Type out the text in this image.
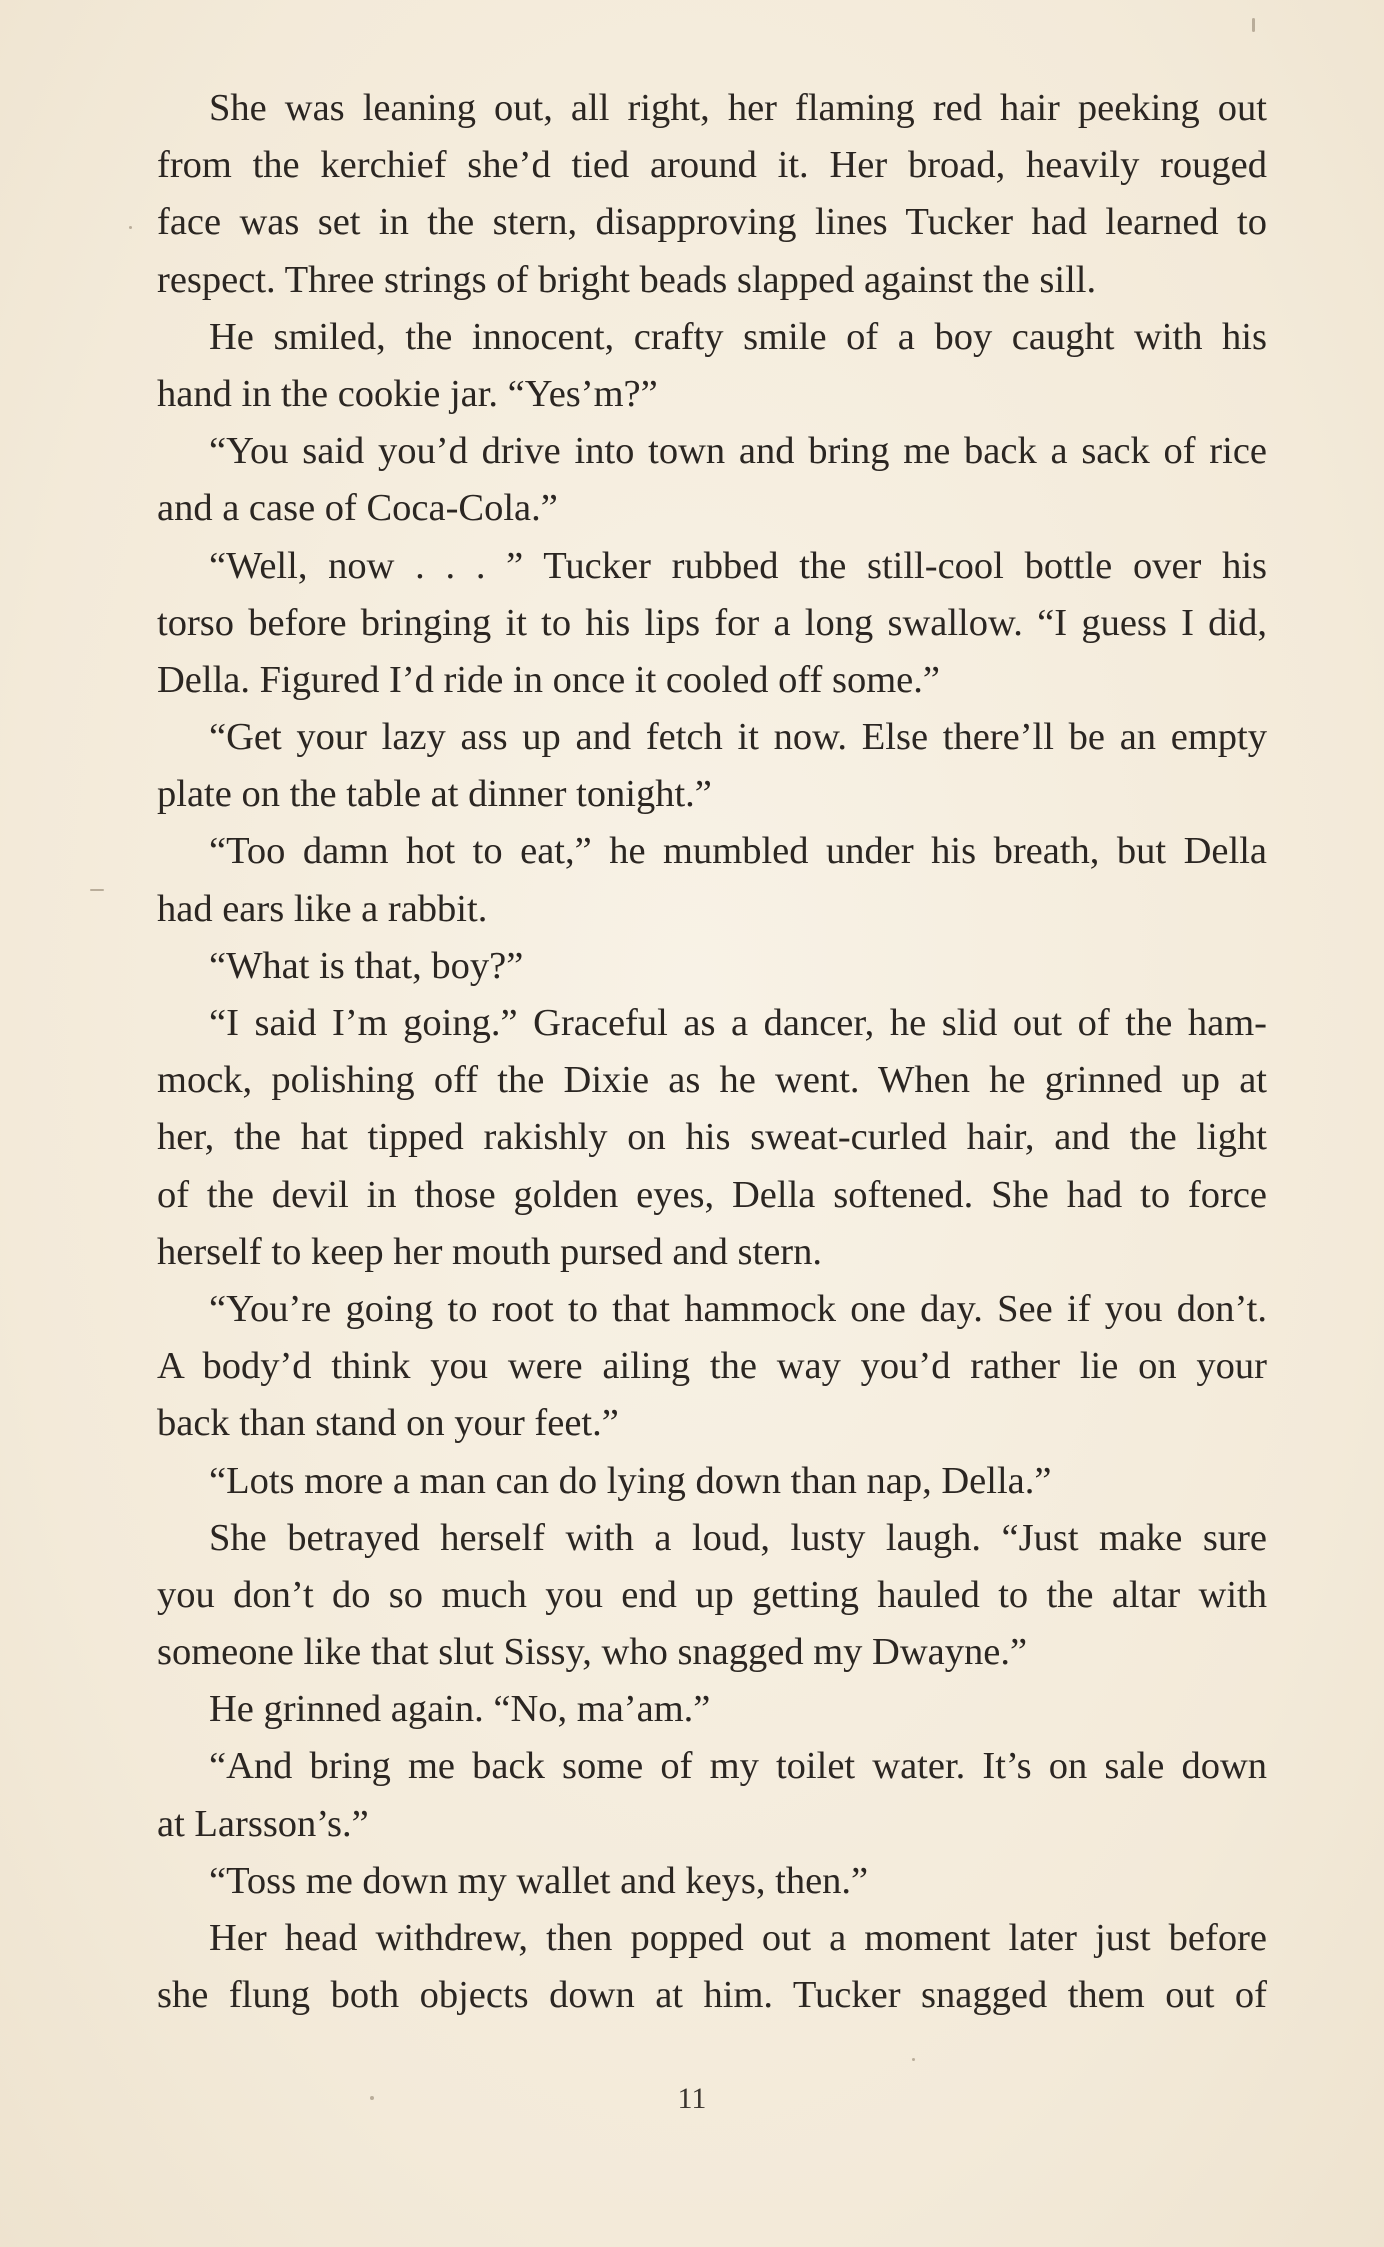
She was leaning out, all right, her flaming red hair peeking out
from the kerchief she’d tied around it. Her broad, heavily rouged
face was set in the stern, disapproving lines Tucker had learned to
respect. Three strings of bright beads slapped against the sill.
He smiled, the innocent, crafty smile of a boy caught with his
hand in the cookie jar. “Yes’m?”
“You said you’d drive into town and bring me back a sack of rice
and a case of Coca-Cola.”
“Well, now . . . ” Tucker rubbed the still-cool bottle over his
torso before bringing it to his lips for a long swallow. “I guess I did,
Della. Figured I’d ride in once it cooled off some.”
“Get your lazy ass up and fetch it now. Else there’ll be an empty
plate on the table at dinner tonight.”
“Too damn hot to eat,” he mumbled under his breath, but Della
had ears like a rabbit.
“What is that, boy?”
“I said I’m going.” Graceful as a dancer, he slid out of the ham-
mock, polishing off the Dixie as he went. When he grinned up at
her, the hat tipped rakishly on his sweat-curled hair, and the light
of the devil in those golden eyes, Della softened. She had to force
herself to keep her mouth pursed and stern.
“You’re going to root to that hammock one day. See if you don’t.
A body’d think you were ailing the way you’d rather lie on your
back than stand on your feet.”
“Lots more a man can do lying down than nap, Della.”
She betrayed herself with a loud, lusty laugh. “Just make sure
you don’t do so much you end up getting hauled to the altar with
someone like that slut Sissy, who snagged my Dwayne.”
He grinned again. “No, ma’am.”
“And bring me back some of my toilet water. It’s on sale down
at Larsson’s.”
“Toss me down my wallet and keys, then.”
Her head withdrew, then popped out a moment later just before
she flung both objects down at him. Tucker snagged them out of
11
